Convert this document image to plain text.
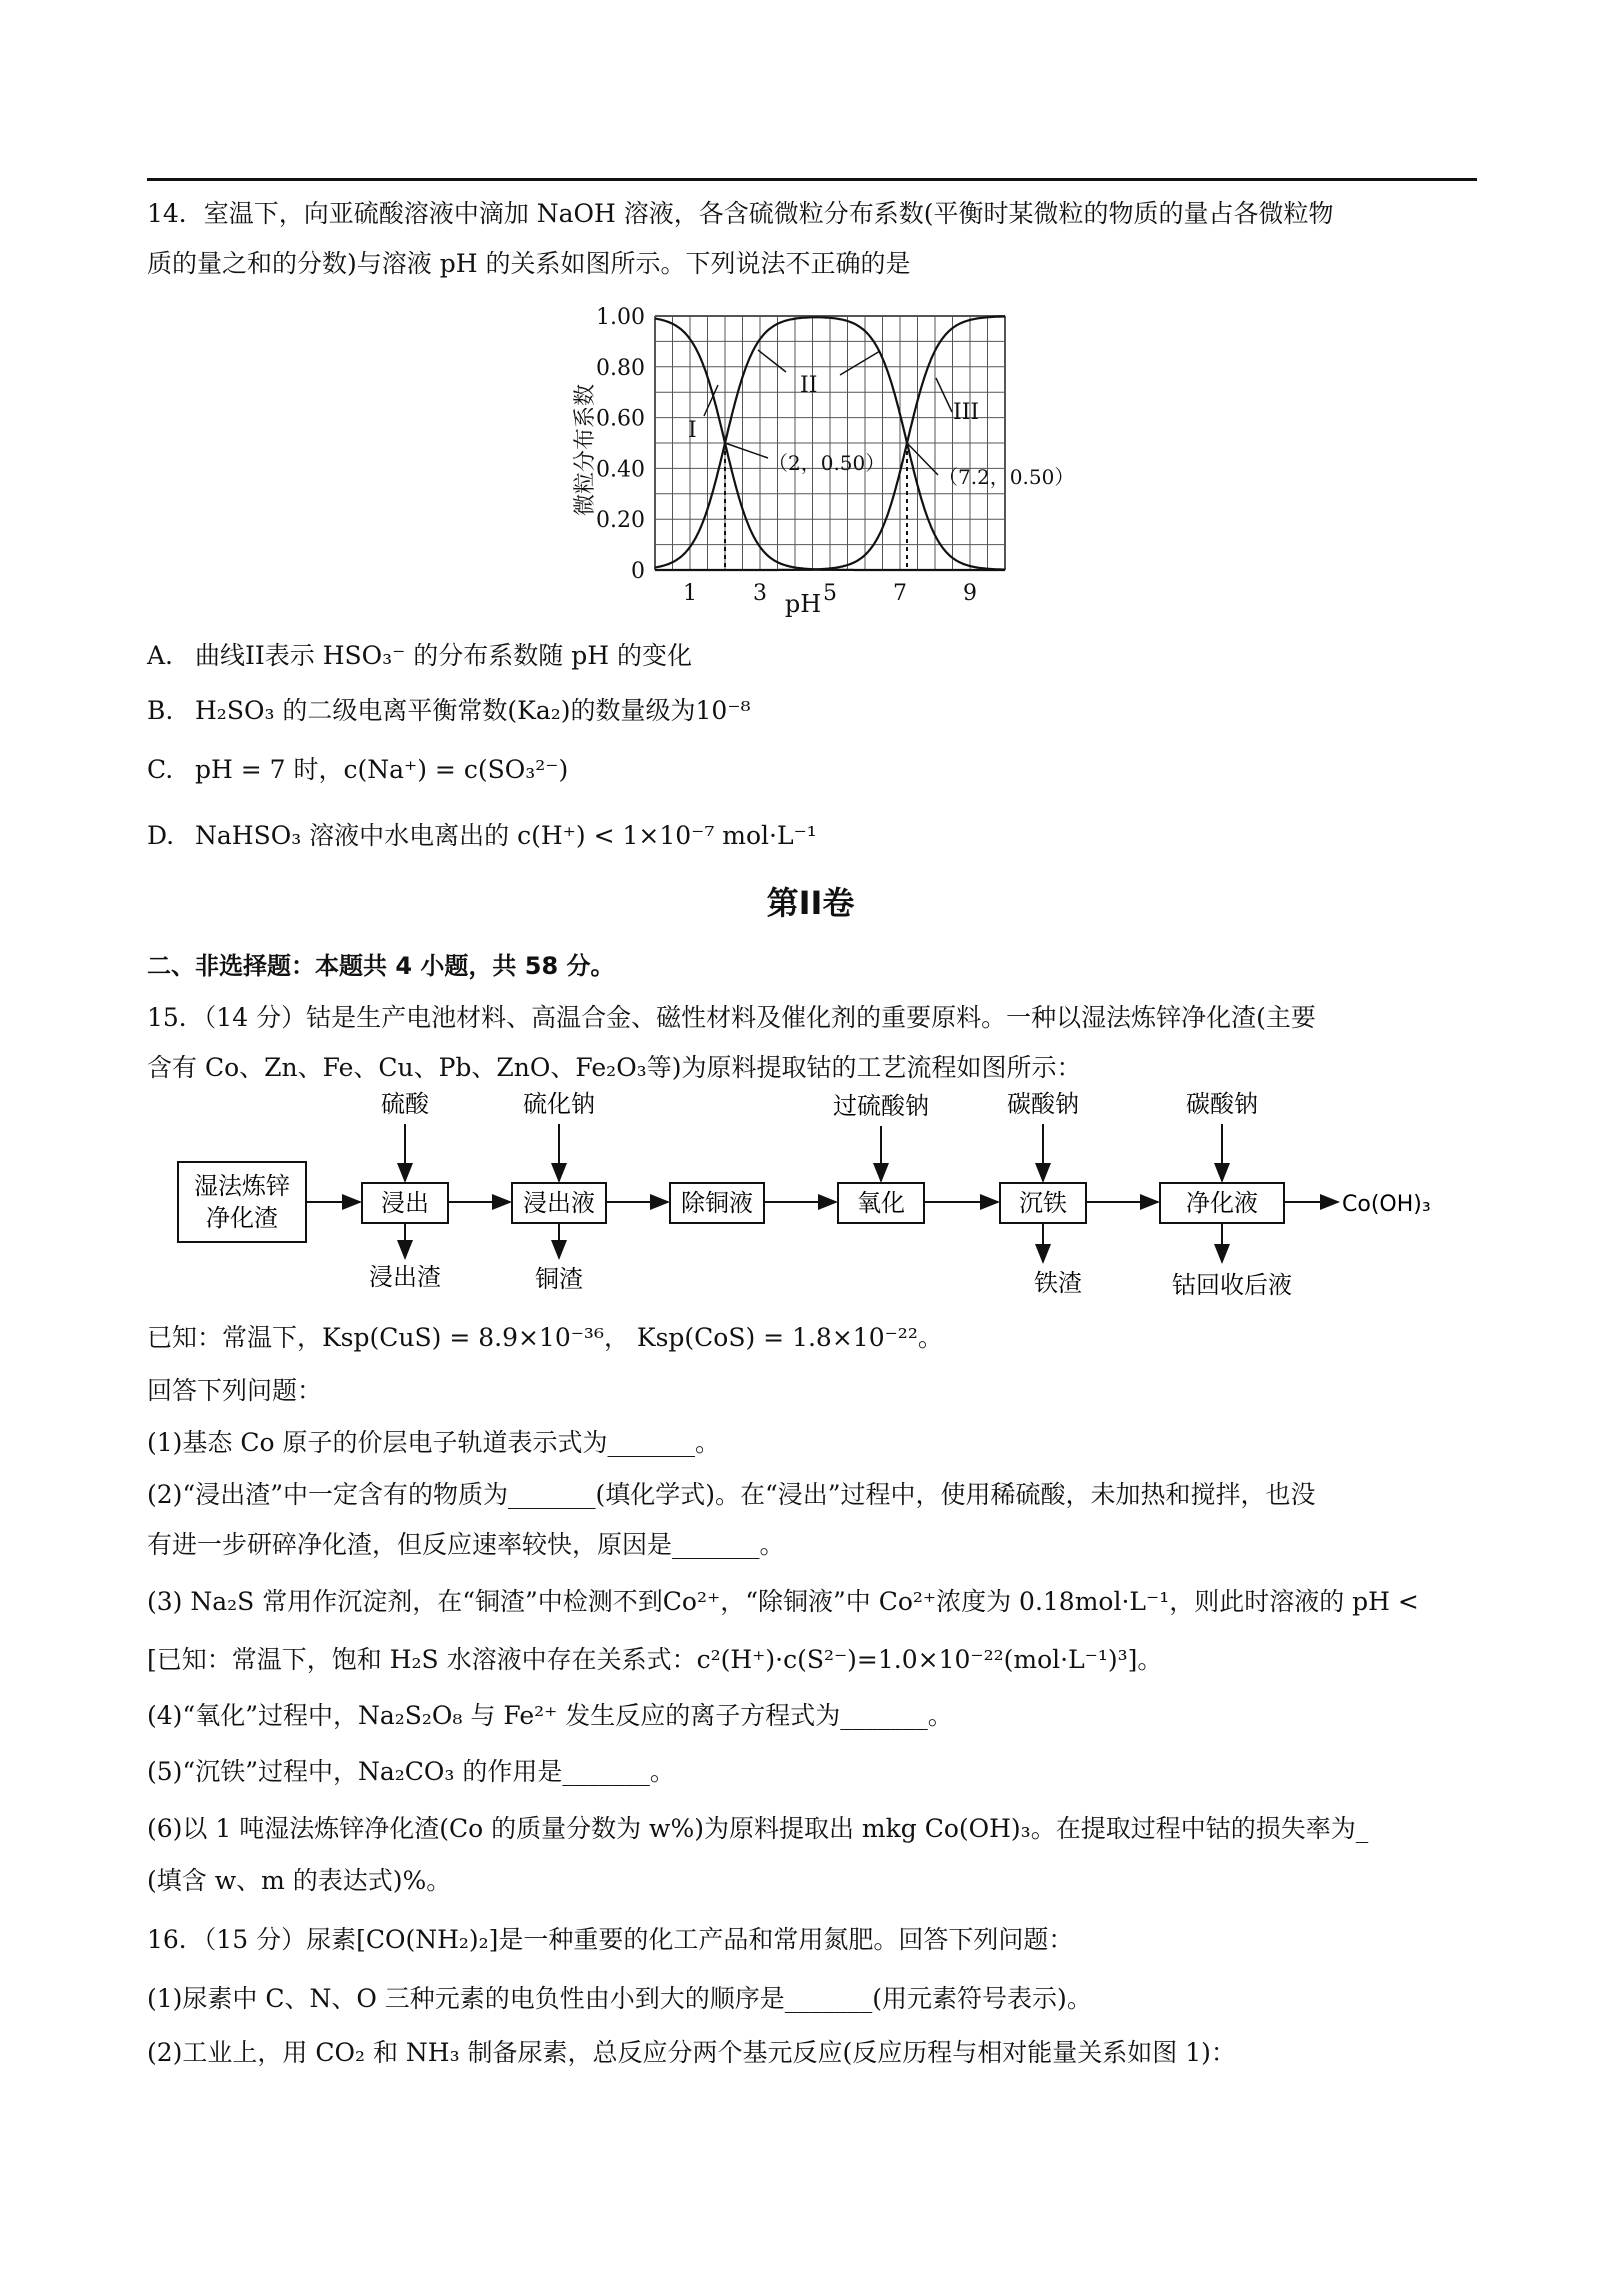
14．室温下，向亚硫酸溶液中滴加 NaOH 溶液，各含硫微粒分布系数(平衡时某微粒的物质的量占各微粒物
质的量之和的分数)与溶液 pH 的关系如图所示。下列说法不正确的是
1	3	5	7	9
0
0.20
0.40
0.60
0.80
1.00
微粒分布系数
pH
I
II
III
（2，0.50）
（7.2，0.50）
A. 曲线II表示 HSO₃⁻ 的分布系数随 pH 的变化
B. H₂SO₃ 的二级电离平衡常数(Ka₂)的数量级为10⁻⁸
C. pH = 7 时，c(Na⁺) = c(SO₃²⁻)
D. NaHSO₃ 溶液中水电离出的 c(H⁺) < 1×10⁻⁷ mol·L⁻¹
第II卷
二、非选择题：本题共 4 小题，共 58 分。
15．（14 分）钴是生产电池材料、高温合金、磁性材料及催化剂的重要原料。一种以湿法炼锌净化渣(主要
含有 Co、Zn、Fe、Cu、Pb、ZnO、Fe₂O₃等)为原料提取钴的工艺流程如图所示：
湿法炼锌
净化渣
浸出	浸出液	除铜液	氧化	沉铁	净化液	Co(OH)₃
硫酸	硫化钠	过硫酸钠	碳酸钠	碳酸钠
浸出渣	铜渣	铁渣	钴回收后液
已知：常温下，Ksp(CuS) = 8.9×10⁻³⁶， Ksp(CoS) = 1.8×10⁻²²。
回答下列问题：
(1)基态 Co 原子的价层电子轨道表示式为_______。
(2)“浸出渣”中一定含有的物质为_______(填化学式)。在“浸出”过程中，使用稀硫酸，未加热和搅拌，也没
有进一步研碎净化渣，但反应速率较快，原因是_______。
(3) Na₂S 常用作沉淀剂，在“铜渣”中检测不到Co²⁺，“除铜液”中 Co²⁺浓度为 0.18mol·L⁻¹，则此时溶液的 pH <
[已知：常温下，饱和 H₂S 水溶液中存在关系式：c²(H⁺)·c(S²⁻)=1.0×10⁻²²(mol·L⁻¹)³]。
(4)“氧化”过程中，Na₂S₂O₈ 与 Fe²⁺ 发生反应的离子方程式为_______。
(5)“沉铁”过程中，Na₂CO₃ 的作用是_______。
(6)以 1 吨湿法炼锌净化渣(Co 的质量分数为 w%)为原料提取出 mkg Co(OH)₃。在提取过程中钴的损失率为_
(填含 w、m 的表达式)%。
16．（15 分）尿素[CO(NH₂)₂]是一种重要的化工产品和常用氮肥。回答下列问题：
(1)尿素中 C、N、O 三种元素的电负性由小到大的顺序是_______(用元素符号表示)。
(2)工业上，用 CO₂ 和 NH₃ 制备尿素，总反应分两个基元反应(反应历程与相对能量关系如图 1)：
